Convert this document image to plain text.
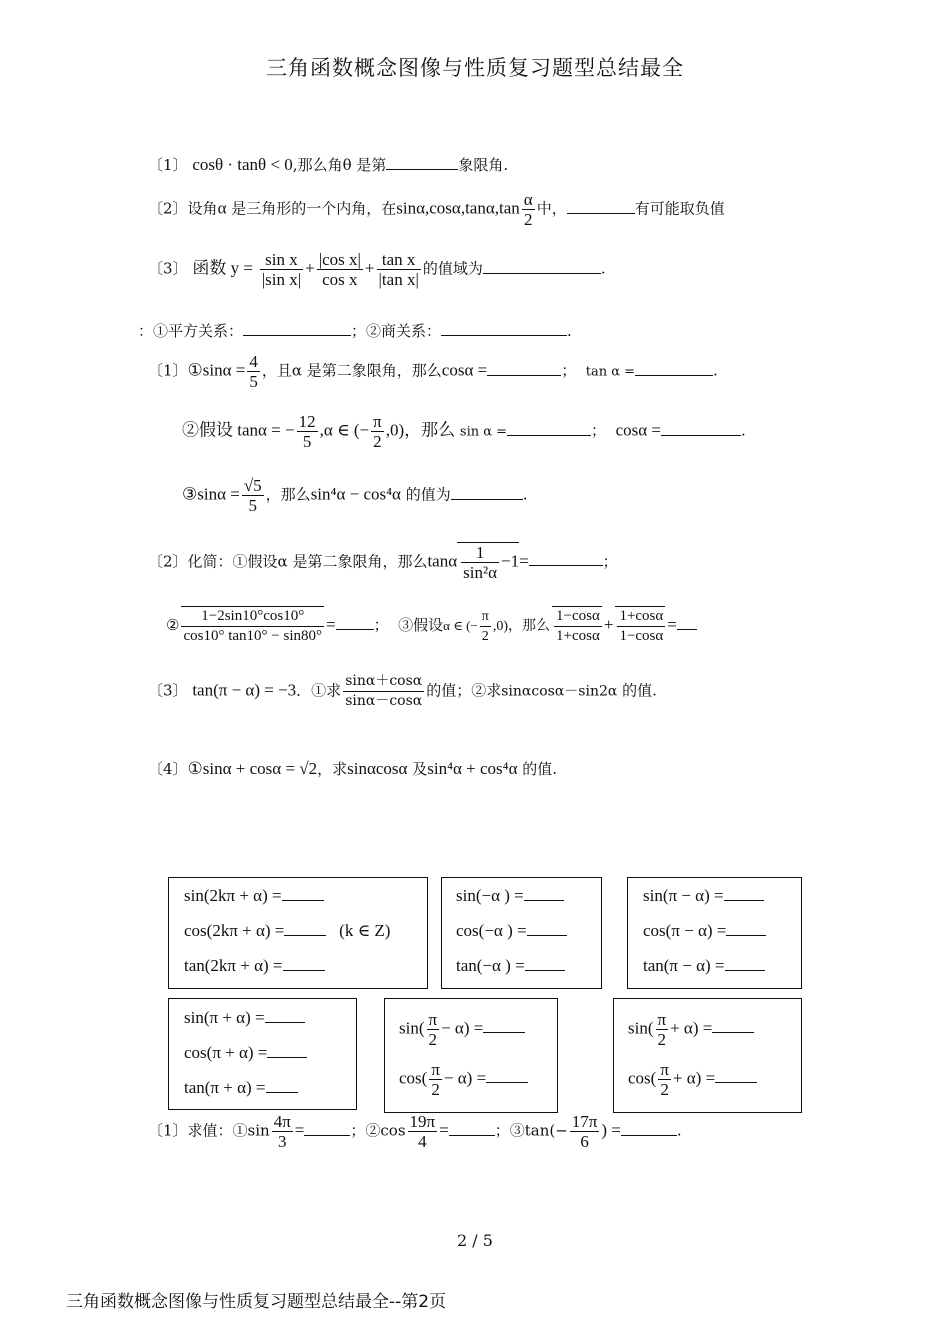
三角函数概念图像与性质复习题型总结最全
〔1〕 cosθ · tanθ < 0,那么角θ 是第	象限角.
〔2〕设角α 是三角形的一个内角，在$\sin\alpha,\cos\alpha,\tan\alpha,\tan \frac{\alpha}{2}$ 中，	有可能取负值
〔3〕 函数 $y = \frac{\text{sin x}}{\text{|sin x|}} + \frac{\text{|cos x|}}{\text{cos x}} + \frac{\text{tan x}}{\text{|tan x|}}$ 的值域为	.
：①平方关系：	；②商关系：	.
〔1〕①sinα = $\frac{4}{5}$ ，且α 是第二象限角，那么cosα =	； tan α =	.
②假设 tanα = − $\frac{12}{5} ,\alpha$ ∈ (− $\frac{\pi}{2} ,0$)，那么 sin α =	； cosα =	.
③sinα = $\frac{√5}{5}$ ，那么sin⁴α − cos⁴α 的值为	.
〔2〕化简：①假设α 是第二象限角，那么tanα $\frac{1}{\text{sin²α}} -1=$	；
② $\frac{1-2\sin 10^\circ\cos 10^\circ}{\cos 10^\circ \tan 10^\circ - \sin 80^\circ}$ =	； ③假设α ∈ (− $\frac{\pi}{2} ,0$)，那么 $\frac{1-\cos\alpha}{1+\cos\alpha} + \frac{1+\cos\alpha}{1-\cos\alpha}$ =
〔3〕 tan(π − α) = −3．①求 $\frac{\sin\alpha+\cos\alpha}{\sin\alpha-\cos\alpha}$ 的值；②求sinαcosα－sin2α 的值.
〔4〕①sinα + cosα = √2，求sinαcosα 及sin⁴α + cos⁴α 的值.
sin(2kπ + α) =
cos(2kπ + α) =	(k ∈ Z)
tan(2kπ + α) =
sin(−α ) =
cos(−α ) =
tan(−α ) =
sin(π − α) =
cos(π − α) =
tan(π − α) =
sin(π + α) =
cos(π + α) =
tan(π + α) =
$\sin( \frac{\pi}{2} - \alpha)$ =
$\cos( \frac{\pi}{2} - \alpha)$ =
$\sin( \frac{\pi}{2} + \alpha)$ =
$\cos( \frac{\pi}{2} + \alpha)$ =
〔1〕求值：①sin $\frac{4\pi}{3}$ =	；②cos $\frac{19\pi}{4}$ =	；③tan(− $\frac{17\pi}{6}$ ) =	.
2 / 5
三角函数概念图像与性质复习题型总结最全--第2页
